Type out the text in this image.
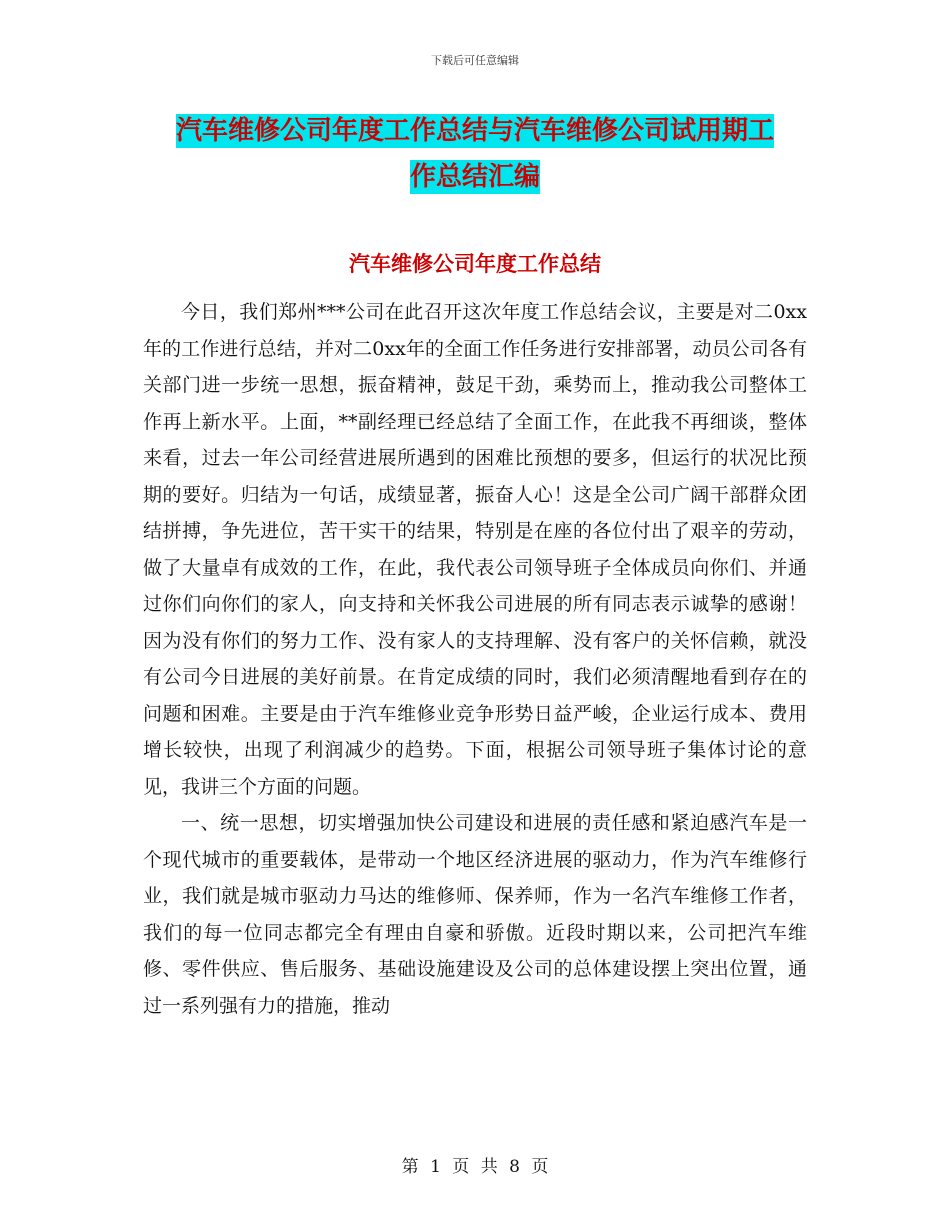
下载后可任意编辑
汽车维修公司年度工作总结与汽车维修公司试用期工
作总结汇编
汽车维修公司年度工作总结

今日，我们郑州***公司在此召开这次年度工作总结会议，主要是对二0xx年的工作进行总结，并对二0xx年的全面工作任务进行安排部署，动员公司各有关部门进一步统一思想，振奋精神，鼓足干劲，乘势而上，推动我公司整体工作再上新水平。上面，**副经理已经总结了全面工作，在此我不再细谈，整体来看，过去一年公司经营进展所遇到的困难比预想的要多，但运行的状况比预期的要好。归结为一句话，成绩显著，振奋人心！这是全公司广阔干部群众团结拼搏，争先进位，苦干实干的结果，特别是在座的各位付出了艰辛的劳动，做了大量卓有成效的工作，在此，我代表公司领导班子全体成员向你们、并通过你们向你们的家人，向支持和关怀我公司进展的所有同志表示诚挚的感谢！因为没有你们的努力工作、没有家人的支持理解、没有客户的关怀信赖，就没有公司今日进展的美好前景。在肯定成绩的同时，我们必须清醒地看到存在的问题和困难。主要是由于汽车维修业竞争形势日益严峻，企业运行成本、费用增长较快，出现了利润减少的趋势。下面，根据公司领导班子集体讨论的意见，我讲三个方面的问题。

一、统一思想，切实增强加快公司建设和进展的责任感和紧迫感汽车是一个现代城市的重要载体，是带动一个地区经济进展的驱动力，作为汽车维修行业，我们就是城市驱动力马达的维修师、保养师，作为一名汽车维修工作者，我们的每一位同志都完全有理由自豪和骄傲。近段时期以来，公司把汽车维修、零件供应、售后服务、基础设施建设及公司的总体建设摆上突出位置，通过一系列强有力的措施，推动

第 1 页 共 8 页
